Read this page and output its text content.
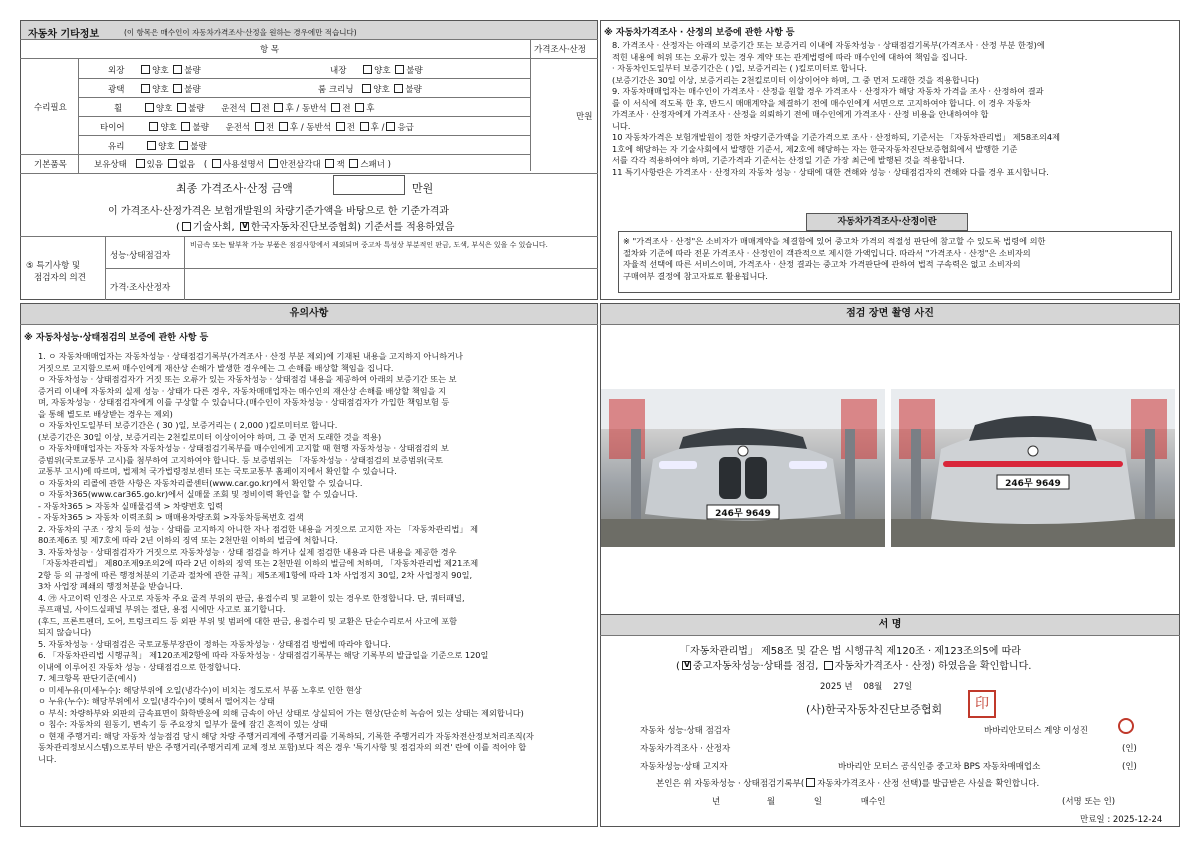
자동차 기타정보	(이 항목은 매수인이 자동차가격조사·산정을 원하는 경우에만 적습니다)
항 목	가격조사·산정
수리필요
기본품목
만원
외장	양호 불량	내장	양호 불량
광택	양호 불량	룸 크리닝 양호 불량
휠	양호 불량 운전석 전 후 / 동반석 전 후
타이어	양호 불량 운전석 전 후 / 동반석 전 후 / 응급
유리	양호 불량
보유상태 있음 없음 ( 사용설명서 안전삼각대 잭 스패너 )
최종 가격조사·산정 금액	만원
이 가격조사·산정가격은 보험개발원의 차량기준가액을 바탕으로 한 기준가격과
( 기술사회, V 한국자동차진단보증협회) 기준서를 적용하였음
⑤ 특기사항 및
점검자의 의견
성능·상태점검자
비금속 또는 탈부착 가능 부품은 점검사항에서 제외되며 중고차 특성상 부분적인 판금, 도색, 부식은 있을 수 있습니다.
가격·조사산정자
※ 자동차가격조사 · 산정의 보증에 관한 사항 등

8. 가격조사 · 산정자는 아래의 보증기간 또는 보증거리 이내에 자동차성능 · 상태점검기록부(가격조사 · 산정 부분 한정)에

적힌 내용에 허위 또는 오류가 있는 경우 계약 또는 관계법령에 따라 매수인에 대하여 책임을 집니다.

· 자동차인도일부터 보증기간은 ( )일, 보증거리는 ( )킬로미터로 합니다.

(보증기간은 30일 이상, 보증거리는 2천킬로미터 이상이어야 하며, 그 중 먼저 도래한 것을 적용합니다)

9. 자동차매매업자는 매수인이 가격조사 · 산정을 원할 경우 가격조사 · 산정자가 해당 자동차 가격을 조사 · 산정하여 결과

를 이 서식에 적도록 한 후, 반드시 매매계약을 체결하기 전에 매수인에게 서면으로 고지하여야 합니다. 이 경우 자동차

가격조사 · 산정자에게 가격조사 · 산정을 의뢰하기 전에 매수인에게 가격조사 · 산정 비용을 안내하여야 합

니다.

10 자동차가격은 보험개발원이 정한 차량기준가액을 기준가격으로 조사 · 산정하되, 기준서는 「자동차관리법」 제58조의4제

1호에 해당하는 자 기술사회에서 발행한 기준서, 제2호에 해당하는 자는 한국자동차진단보증협회에서 발행한 기준

서를 각각 적용하여야 하며, 기준가격과 기준서는 산정일 기준 가장 최근에 발행된 것을 적용합니다.

11 특기사항란은 가격조사 · 산정자의 자동차 성능 · 상태에 대한 견해와 성능 · 상태점검자의 견해와 다를 경우 표시합니다.

자동차가격조사·산정이란

※ "가격조사 · 산정"은 소비자가 매매계약을 체결함에 있어 중고차 가격의 적절성 판단에 참고할 수 있도록 법령에 의한

절차와 기준에 따라 전문 가격조사 · 산정인이 객관적으로 제시한 가액입니다. 따라서 "가격조사 · 산정"은 소비자의

자율적 선택에 따른 서비스이며, 가격조사 · 산정 결과는 중고차 가격판단에 관하여 법적 구속력은 없고 소비자의

구매여부 결정에 참고자료로 활용됩니다.

유의사항
※ 자동차성능·상태점검의 보증에 관한 사항 등

1. ㅇ 자동차매매업자는 자동차성능 · 상태점검기록부(가격조사 · 산정 부분 제외)에 기재된 내용을 고지하지 아니하거나

거짓으로 고지함으로써 매수인에게 재산상 손해가 발생한 경우에는 그 손해를 배상할 책임을 집니다.

ㅇ 자동차성능 · 상태점검자가 거짓 또는 오류가 있는 자동차성능 · 상태점검 내용을 제공하여 아래의 보증기간 또는 보

증거리 이내에 자동차의 실제 성능 · 상태가 다른 경우, 자동차매매업자는 매수인의 재산상 손해를 배상할 책임을 지

며, 자동차성능 · 상태점검자에게 이를 구상할 수 있습니다.(매수인이 자동차성능 · 상태점검자가 가입한 책임보험 등

을 통해 별도로 배상받는 경우는 제외)

ㅇ 자동차인도일부터 보증기간은 ( 30 )일, 보증거리는 ( 2,000 )킬로미터로 합니다.

(보증기간은 30일 이상, 보증거리는 2천킬로미터 이상이어야 하며, 그 중 먼저 도래한 것을 적용)

ㅇ 자동차매매업자는 자동차 자동차성능 · 상태점검기록부를 매수인에게 고지할 때 현행 자동차성능 · 상태점검의 보

증범위(국토교통부 고시)를 첨부하여 고지하여야 합니다. 등 보증범위는 「자동차성능 · 상태점검의 보증범위(국토

교통부 고시)에 따르며, 법제처 국가법령정보센터 또는 국토교통부 홈페이지에서 확인할 수 있습니다.

ㅇ 자동차의 리콜에 관한 사항은 자동차리콜센터(www.car.go.kr)에서 확인할 수 있습니다.

ㅇ 자동차365(www.car365.go.kr)에서 실매물 조회 및 정비이력 확인을 할 수 있습니다.

- 자동차365 > 자동차 실매물검색 > 차량번호 입력

- 자동차365 > 자동차 이력조회 > 매매용차량조회 >자동차등록번호 검색

2. 자동차의 구조 · 장치 등의 성능 · 상태를 고지하지 아니한 자나 점검한 내용을 거짓으로 고지한 자는 「자동차관리법」 제

80조제6조 및 제7호에 따라 2년 이하의 징역 또는 2천만원 이하의 벌금에 처합니다.

3. 자동차성능 · 상태점검자가 거짓으로 자동차성능 · 상태 점검을 하거나 실제 점검한 내용과 다른 내용을 제공한 경우

「자동차관리법」 제80조제9조의2에 따라 2년 이하의 징역 또는 2천만원 이하의 벌금에 처하며, 「자동차관리법 제21조제

2항 등 의 규정에 따른 행정처분의 기준과 절차에 관한 규칙」제5조제1항에 따라 1차 사업정지 30일, 2차 사업정지 90일,

3차 사업장 폐쇄의 행정처분을 받습니다.

4. ㉮ 사고이력 인정은 사고로 자동차 주요 골격 부위의 판금, 용접수리 및 교환이 있는 경우로 한정합니다. 단, 쿼터패널,

루프패널, 사이드실패널 부위는 절단, 용접 시에만 사고로 표기합니다.

(후드, 프론트펜더, 도어, 트렁크리드 등 외판 부위 및 범퍼에 대한 판금, 용접수리 및 교환은 단순수리로서 사고에 포함

되지 않습니다)

5. 자동차성능 · 상태점검은 국토교통부장관이 정하는 자동차성능 · 상태점검 방법에 따라야 합니다.

6. 「자동차관리법 시행규칙」 제120조제2항에 따라 자동차성능 · 상태점검기록부는 해당 기록부의 발급일을 기준으로 120일

이내에 이루어진 자동차 성능 · 상태점검으로 한정합니다.

7. 체크항목 판단기준(예시)

ㅇ 미세누유(미세누수): 해당부위에 오일(냉각수)이 비치는 정도로서 부품 노후로 인한 현상

ㅇ 누유(누수): 해당부위에서 오일(냉각수)이 맺혀서 떨어지는 상태

ㅇ 부식: 차량하부와 외판의 금속표면이 화학반응에 의해 금속이 아닌 상태로 상실되어 가는 현상(단순히 녹슴어 있는 상태는 제외합니다)

ㅇ 침수: 자동차의 원동기, 변속기 등 주요장치 일부가 물에 잠긴 흔적이 있는 상태

ㅇ 현재 주행거리: 해당 자동차 성능점검 당시 해당 차량 주행거리계에 주행거리를 기록하되, 기록한 주행거리가 자동차전산정보처리조직(자

동차관리정보시스템)으로부터 받은 주행거리(주행거리계 교체 정보 포함)보다 적은 경우 '특기사항 및 점검자의 의견' 란에 이를 적어야 합

니다.

점검 장면 촬영 사진
246무 9649
246무 9649
서 명
「자동차관리법」 제58조 및 같은 법 시행규칙 제120조 · 제123조의5에 따라
( V 중고자동차성능·상태를 점검, 자동차가격조사 · 산정) 하였음을 확인합니다.
2025 년 08월 27일
(사)한국자동차진단보증협회	印
자동차 성능·상태 점검자	바바리안모터스 계양 이성진
자동차가격조사 · 산정자	(인)
자동차성능·상태 고지자	바바리안 모터스 공식인증 중고차 BPS 자동차매매업소	(인)
본인은 위 자동차성능 · 상태점검기록부( 자동차가격조사 · 산정 선택)를 발급받은 사실을 확인합니다.
년	월	일	매수인	(서명 또는 인)
만료일 : 2025-12-24
